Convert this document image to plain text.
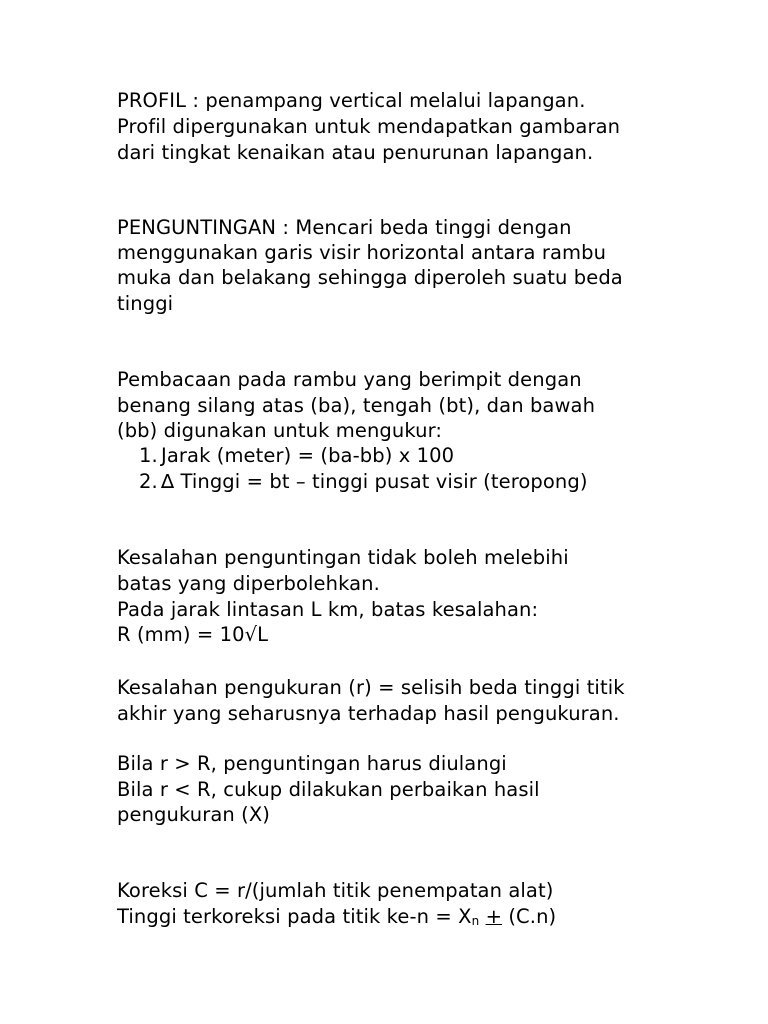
PROFIL : penampang vertical melalui lapangan.
Profil dipergunakan untuk mendapatkan gambaran
dari tingkat kenaikan atau penurunan lapangan.
PENGUNTINGAN : Mencari beda tinggi dengan
menggunakan garis visir horizontal antara rambu
muka dan belakang sehingga diperoleh suatu beda
tinggi
Pembacaan pada rambu yang berimpit dengan
benang silang atas (ba), tengah (bt), dan bawah
(bb) digunakan untuk mengukur:
1. Jarak (meter) = (ba-bb) x 100
2. ∆ Tinggi = bt – tinggi pusat visir (teropong)
Kesalahan penguntingan tidak boleh melebihi
batas yang diperbolehkan.
Pada jarak lintasan L km, batas kesalahan:
R (mm) = 10√L
Kesalahan pengukuran (r) = selisih beda tinggi titik
akhir yang seharusnya terhadap hasil pengukuran.
Bila r > R, penguntingan harus diulangi
Bila r < R, cukup dilakukan perbaikan hasil
pengukuran (X)
Koreksi C = r/(jumlah titik penempatan alat)
Tinggi terkoreksi pada titik $ke-n = X_n + (C.n)$
